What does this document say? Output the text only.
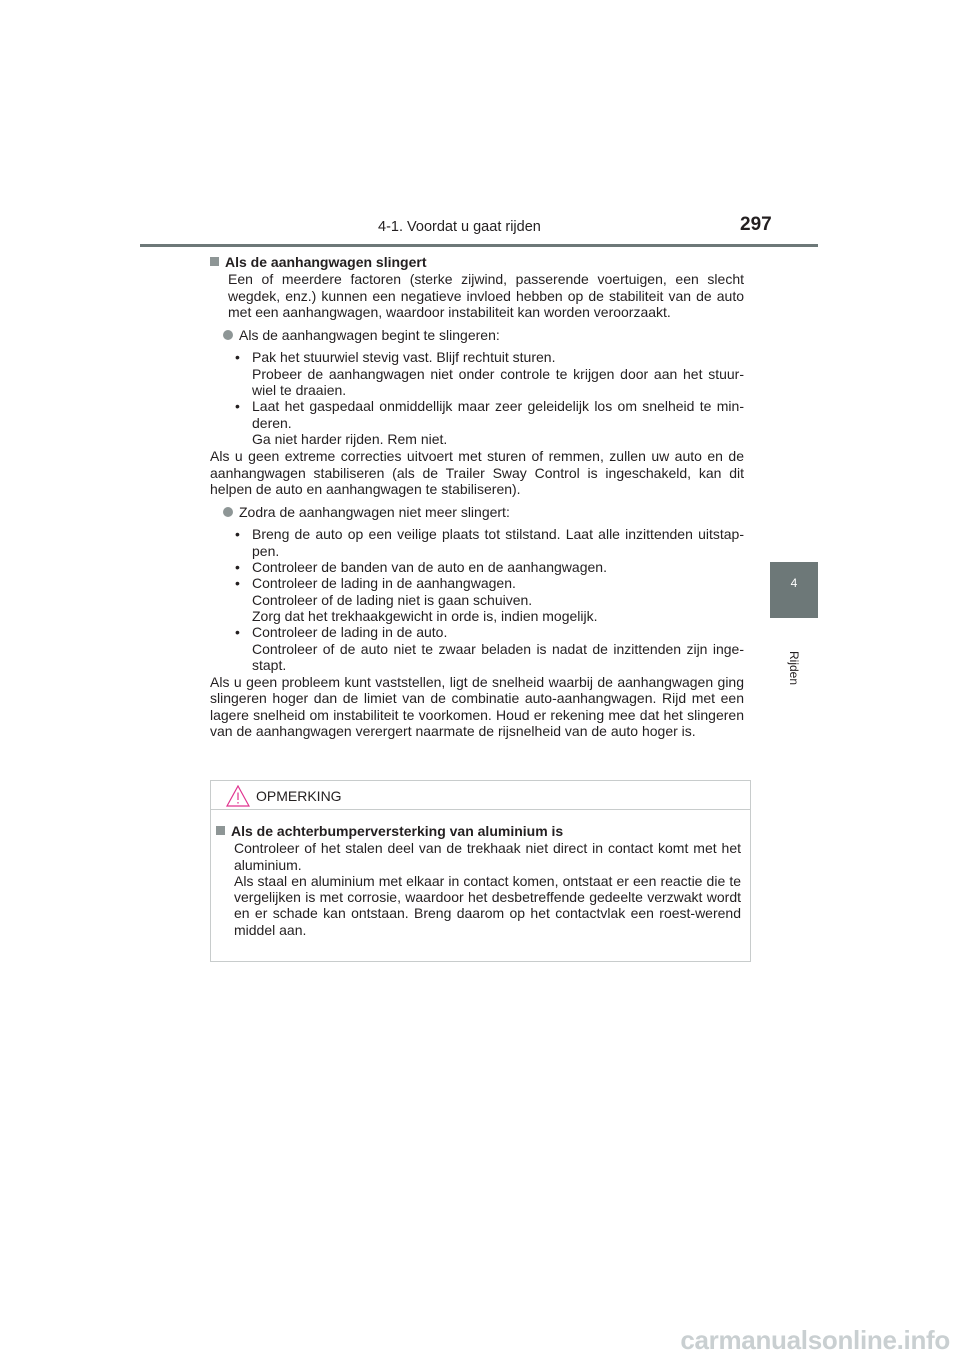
4-1. Voordat u gaat rijden	297
4
Rijden

Als de aanhangwagen slingert

Een of meerdere factoren (sterke zijwind, passerende voertuigen, een slecht wegdek, enz.) kunnen een negatieve invloed hebben op de stabiliteit van de auto met een aanhangwagen, waardoor instabiliteit kan worden veroorzaakt.

Als de aanhangwagen begint te slingeren:

• Pak het stuurwiel stevig vast. Blijf rechtuit sturen.
Probeer de aanhangwagen niet onder controle te krijgen door aan het stuur-wiel te draaien.
• Laat het gaspedaal onmiddellijk maar zeer geleidelijk los om snelheid te min-deren.
Ga niet harder rijden. Rem niet.

Als u geen extreme correcties uitvoert met sturen of remmen, zullen uw auto en de aanhangwagen stabiliseren (als de Trailer Sway Control is ingeschakeld, kan dit helpen de auto en aanhangwagen te stabiliseren).

Zodra de aanhangwagen niet meer slingert:

• Breng de auto op een veilige plaats tot stilstand. Laat alle inzittenden uitstap-pen.
• Controleer de banden van de auto en de aanhangwagen.
• Controleer de lading in de aanhangwagen.
Controleer of de lading niet is gaan schuiven.
Zorg dat het trekhaakgewicht in orde is, indien mogelijk.
• Controleer de lading in de auto.
Controleer of de auto niet te zwaar beladen is nadat de inzittenden zijn inge-stapt.

Als u geen probleem kunt vaststellen, ligt de snelheid waarbij de aanhangwagen ging slingeren hoger dan de limiet van de combinatie auto-aanhangwagen. Rijd met een lagere snelheid om instabiliteit te voorkomen. Houd er rekening mee dat het slingeren van de aanhangwagen verergert naarmate de rijsnelheid van de auto hoger is.

OPMERKING

Als de achterbumperversterking van aluminium is

Controleer of het stalen deel van de trekhaak niet direct in contact komt met het aluminium.

Als staal en aluminium met elkaar in contact komen, ontstaat er een reactie die te vergelijken is met corrosie, waardoor het desbetreffende gedeelte verzwakt wordt en er schade kan ontstaan. Breng daarom op het contactvlak een roest-werend middel aan.

carmanualsonline.info
